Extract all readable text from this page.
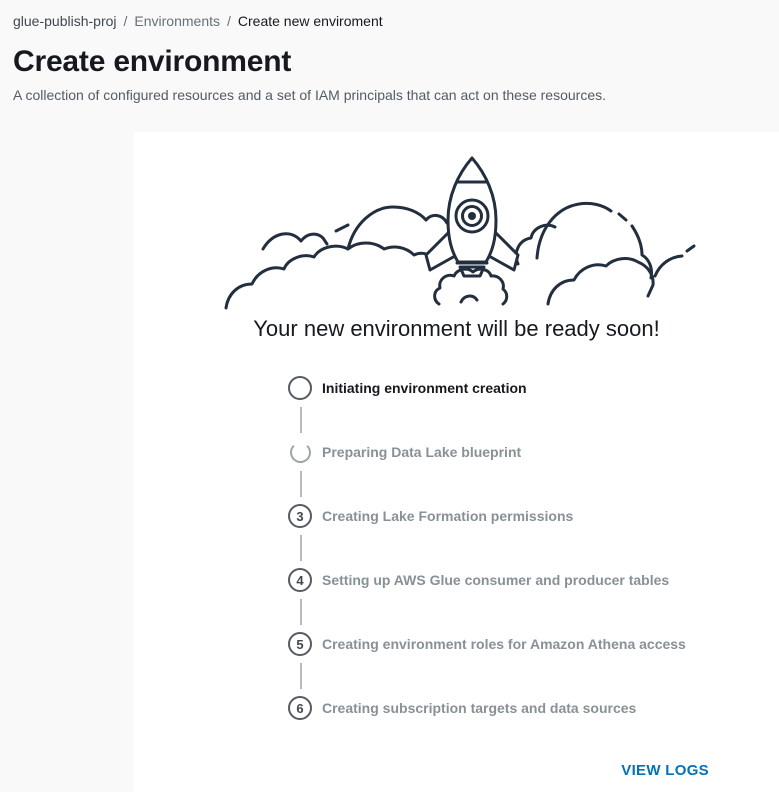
glue-publish-proj / Environments / Create new enviroment
Create environment
A collection of configured resources and a set of IAM principals that can act on these resources.
Your new environment will be ready soon!
Initiating environment creation
Preparing Data Lake blueprint
3	Creating Lake Formation permissions
4	Setting up AWS Glue consumer and producer tables
5	Creating environment roles for Amazon Athena access
6	Creating subscription targets and data sources
VIEW LOGS
